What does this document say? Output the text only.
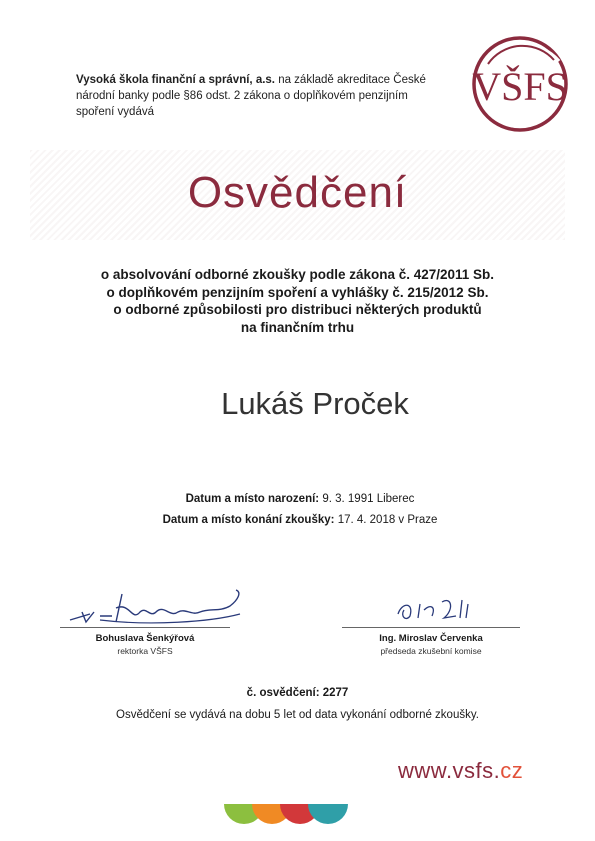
Vysoká škola finanční a správní, a.s. na základě akreditace České národní banky podle §86 odst. 2 zákona o doplňkovém penzijním spoření vydává
VŠFS
Osvědčení
o absolvování odborné zkoušky podle zákona č. 427/2011 Sb.
o doplňkovém penzijním spoření a vyhlášky č. 215/2012 Sb.
o odborné způsobilosti pro distribuci některých produktů
na finančním trhu
Lukáš Proček
Datum a místo narození: 9. 3. 1991 Liberec
Datum a místo konání zkoušky: 17. 4. 2018 v Praze
Bohuslava Šenkýřová
rektorka VŠFS
Ing. Miroslav Červenka
předseda zkušební komise
č. osvědčení: 2277
Osvědčení se vydává na dobu 5 let od data vykonání odborné zkoušky.
www.vsfs.cz
